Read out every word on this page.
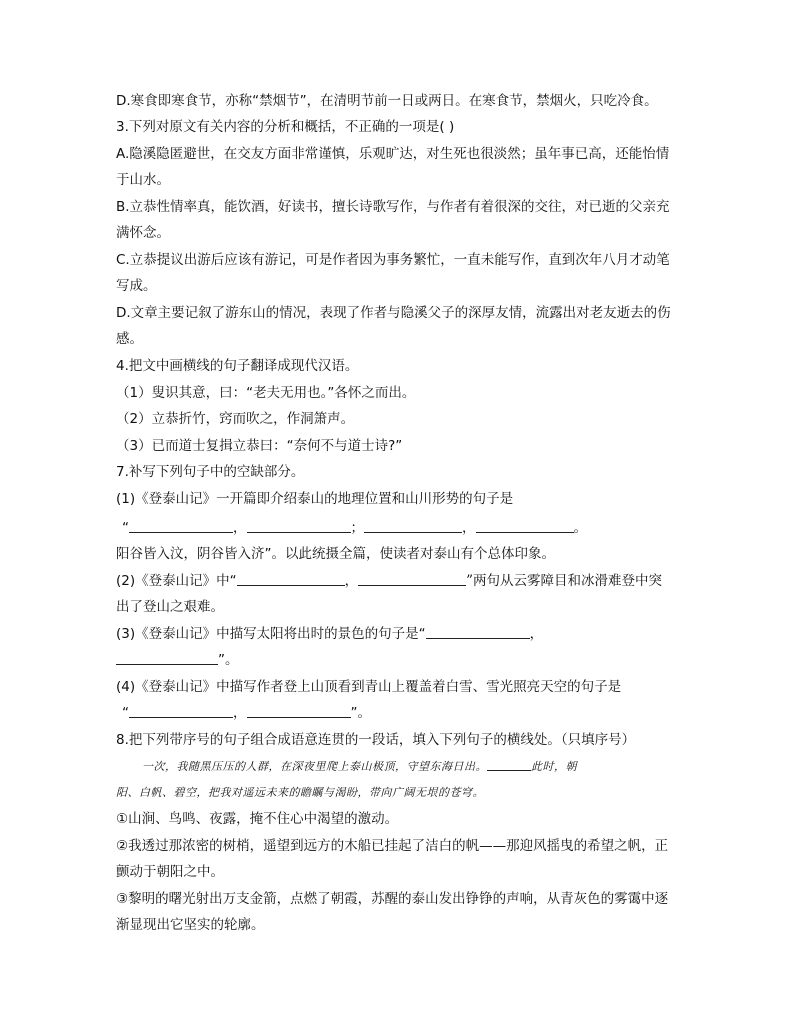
D.寒食即寒食节，亦称“禁烟节”，在清明节前一日或两日。在寒食节，禁烟火，只吃冷食。
3.下列对原文有关内容的分析和概括，不正确的一项是( )
A.隐溪隐匿避世，在交友方面非常谨慎，乐观旷达，对生死也很淡然；虽年事已高，还能怡情
于山水。
B.立恭性情率真，能饮酒，好读书，擅长诗歌写作，与作者有着很深的交往，对已逝的父亲充
满怀念。
C.立恭提议出游后应该有游记，可是作者因为事务繁忙，一直未能写作，直到次年八月才动笔
写成。
D.文章主要记叙了游东山的情况，表现了作者与隐溪父子的深厚友情，流露出对老友逝去的伤
感。
4.把文中画横线的句子翻译成现代汉语。
（1）叟识其意，曰：“老夫无用也。”各怀之而出。
（2）立恭折竹，窍而吹之，作洞箫声。
（3）已而道士复揖立恭曰：“奈何不与道士诗?”
7.补写下列句子中的空缺部分。
(1)《登泰山记》一开篇即介绍泰山的地理位置和山川形势的句子是
“	，	；	，	。
阳谷皆入汶，阴谷皆入济”。以此统摄全篇，使读者对泰山有个总体印象。
(2)《登泰山记》中“	，	”两句从云雾障目和冰滑难登中突
出了登山之艰难。
(3)《登泰山记》中描写太阳将出时的景色的句子是“	，
”。
(4)《登泰山记》中描写作者登上山顶看到青山上覆盖着白雪、雪光照亮天空的句子是
“	，	”。
8.把下列带序号的句子组合成语意连贯的一段话，填入下列句子的横线处。（只填序号）
一次，我随黑压压的人群，在深夜里爬上泰山极顶，守望东海日出。	此时，朝
阳、白帆、碧空，把我对遥远未来的瞻瞩与渴盼，带向广阔无垠的苍穹。
①山涧、鸟鸣、夜露，掩不住心中渴望的激动。
②我透过那浓密的树梢，遥望到远方的木船已挂起了洁白的帆——那迎风摇曳的希望之帆，正
颤动于朝阳之中。
③黎明的曙光射出万支金箭，点燃了朝霞，苏醒的泰山发出铮铮的声响，从青灰色的雾霭中逐
渐显现出它坚实的轮廓。
